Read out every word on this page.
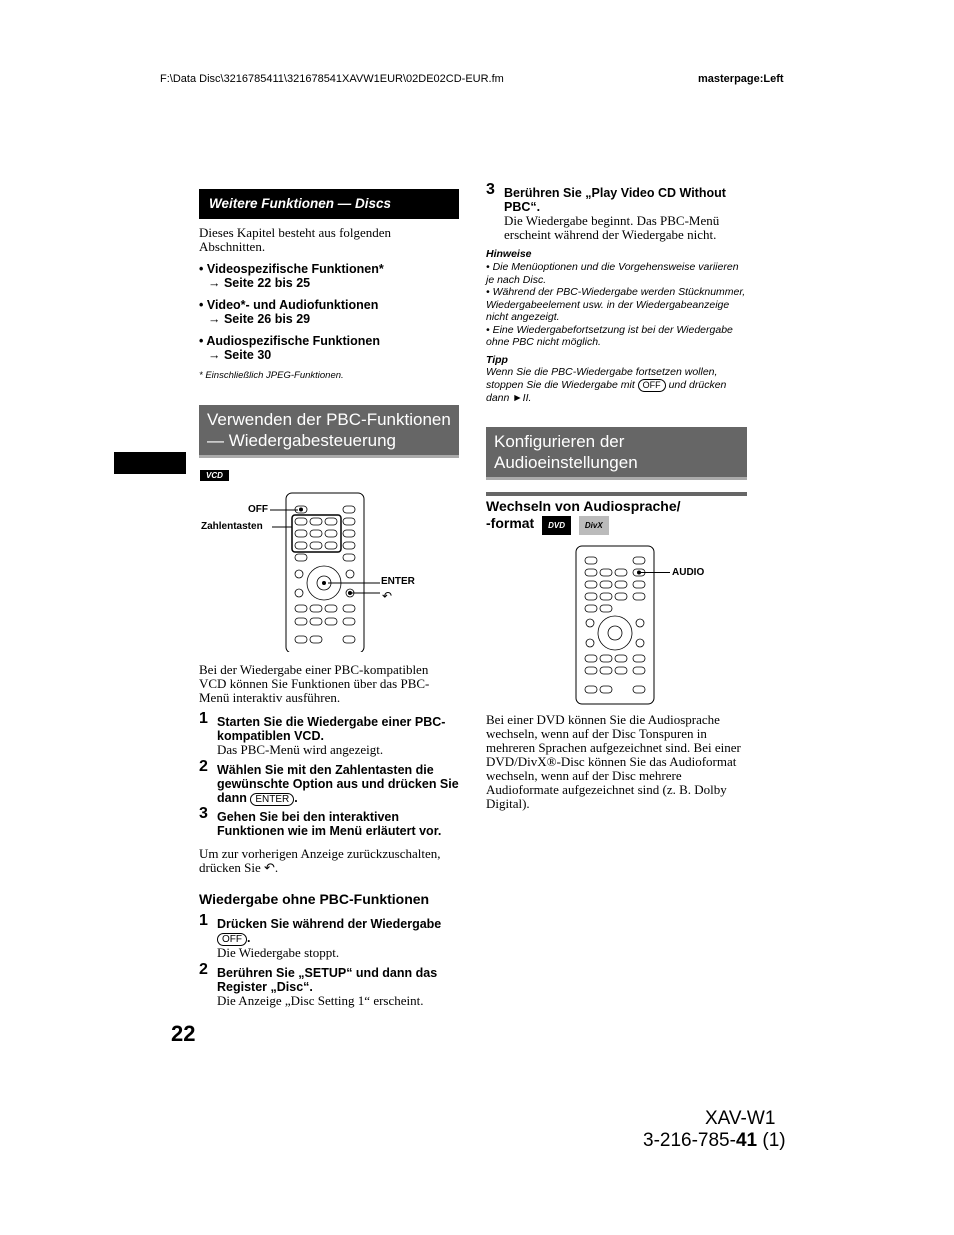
F:\Data Disc\3216785411\321678541XAVW1EUR\02DE02CD-EUR.fm	masterpage:Left
Weitere Funktionen — Discs
Dieses Kapitel besteht aus folgenden Abschnitten.
• Videospezifische Funktionen*
→ Seite 22 bis 25
• Video*- und Audiofunktionen
→ Seite 26 bis 29
• Audiospezifische Funktionen
→ Seite 30
* Einschließlich JPEG-Funktionen.
Verwenden der PBC-Funktionen
— Wiedergabesteuerung
VCD
OFF
Zahlentasten
ENTER
↶
Bei der Wiedergabe einer PBC-kompatiblen VCD können Sie Funktionen über das PBC-Menü interaktiv ausführen.
1 Starten Sie die Wiedergabe einer PBC-kompatiblen VCD.
Das PBC-Menü wird angezeigt.
2 Wählen Sie mit den Zahlentasten die gewünschte Option aus und drücken Sie dann ENTER .
3 Gehen Sie bei den interaktiven Funktionen wie im Menü erläutert vor.
Um zur vorherigen Anzeige zurückzuschalten, drücken Sie ↶.
Wiedergabe ohne PBC-Funktionen
1 Drücken Sie während der Wiedergabe
OFF .
Die Wiedergabe stoppt.
2 Berühren Sie „SETUP“ und dann das Register „Disc“.
Die Anzeige „Disc Setting 1“ erscheint.
22
3 Berühren Sie „Play Video CD Without PBC“.
Die Wiedergabe beginnt. Das PBC-Menü erscheint während der Wiedergabe nicht.
Hinweise
• Die Menüoptionen und die Vorgehensweise variieren je nach Disc.
• Während der PBC-Wiedergabe werden Stücknummer, Wiedergabeelement usw. in der Wiedergabeanzeige nicht angezeigt.
• Eine Wiedergabefortsetzung ist bei der Wiedergabe ohne PBC nicht möglich.
Tipp
Wenn Sie die PBC-Wiedergabe fortsetzen wollen, stoppen Sie die Wiedergabe mit OFF und drücken dann ►II.
Konfigurieren der
Audioeinstellungen
Wechseln von Audiosprache/
-format DVD DivX
AUDIO
Bei einer DVD können Sie die Audiosprache wechseln, wenn auf der Disc Tonspuren in mehreren Sprachen aufgezeichnet sind. Bei einer DVD/DivX®-Disc können Sie das Audioformat wechseln, wenn auf der Disc mehrere Audioformate aufgezeichnet sind (z. B. Dolby Digital).
XAV-W1
3-216-785-41 (1)
